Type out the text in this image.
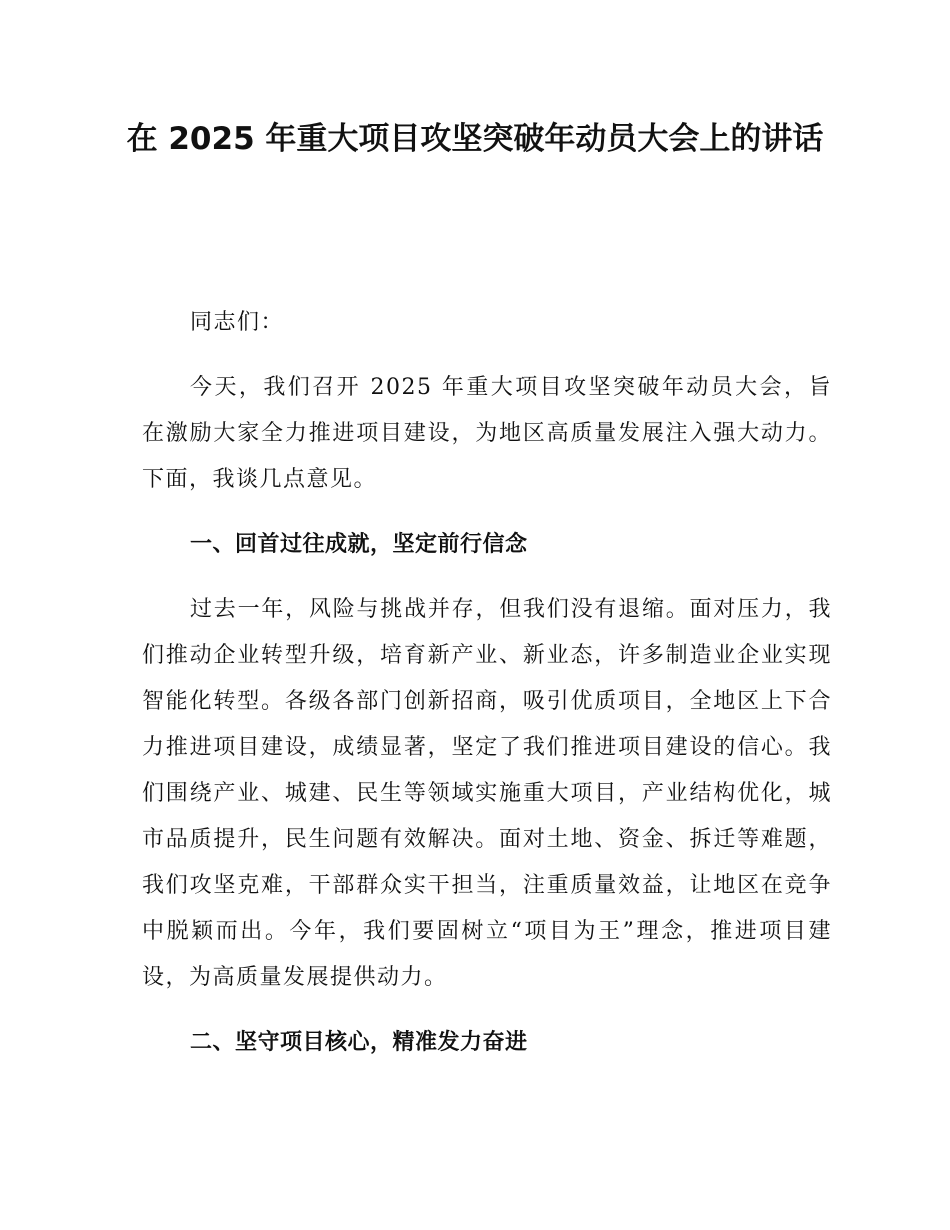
在 2025 年重大项目攻坚突破年动员大会上的讲话

同志们：

今天，我们召开 2025 年重大项目攻坚突破年动员大会，旨在激励大家全力推进项目建设，为地区高质量发展注入强大动力。下面，我谈几点意见。

一、回首过往成就，坚定前行信念

过去一年，风险与挑战并存，但我们没有退缩。面对压力，我们推动企业转型升级，培育新产业、新业态，许多制造业企业实现智能化转型。各级各部门创新招商，吸引优质项目，全地区上下合力推进项目建设，成绩显著，坚定了我们推进项目建设的信心。我们围绕产业、城建、民生等领域实施重大项目，产业结构优化，城市品质提升，民生问题有效解决。面对土地、资金、拆迁等难题，我们攻坚克难，干部群众实干担当，注重质量效益，让地区在竞争中脱颖而出。今年，我们要固树立“项目为王”理念，推进项目建设，为高质量发展提供动力。

二、坚守项目核心，精准发力奋进
